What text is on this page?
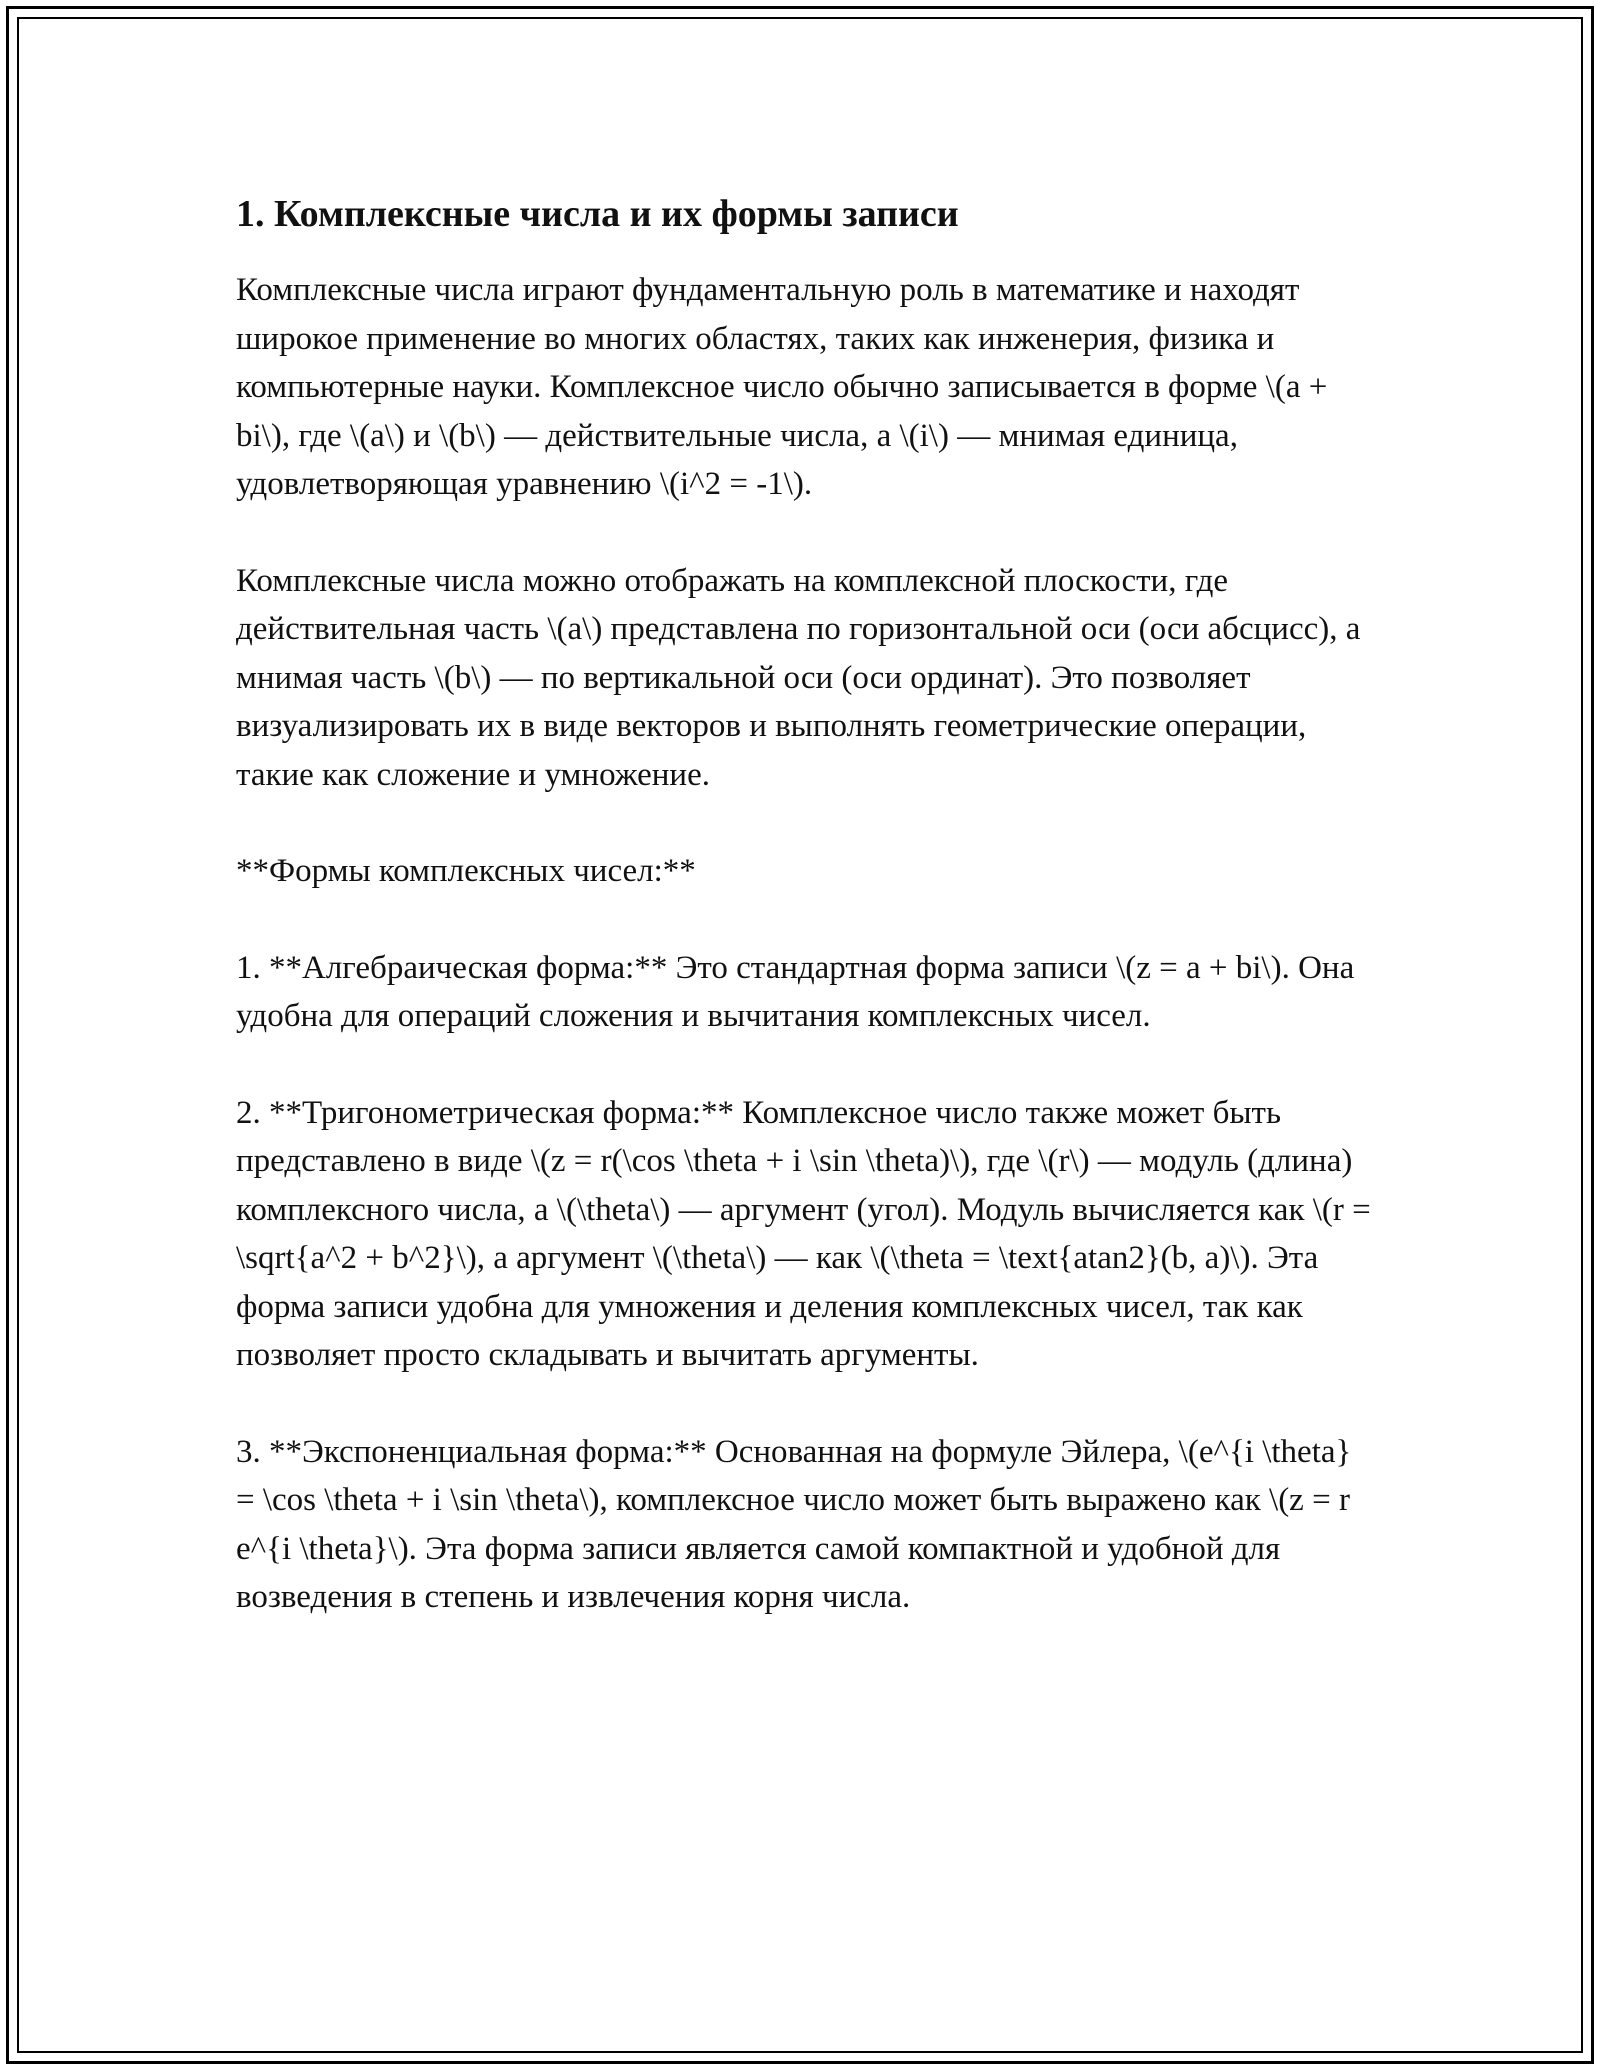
1. Комплексные числа и их формы записи

Комплексные числа играют фундаментальную роль в математике и находят широкое применение во многих областях, таких как инженерия, физика и компьютерные науки. Комплексное число обычно записывается в форме \(a + bi\), где \(a\) и \(b\) — действительные числа, а \(i\) — мнимая единица, удовлетворяющая уравнению \(i^2 = -1\).

Комплексные числа можно отображать на комплексной плоскости, где действительная часть \(a\) представлена по горизонтальной оси (оси абсцисс), а мнимая часть \(b\) — по вертикальной оси (оси ординат). Это позволяет визуализировать их в виде векторов и выполнять геометрические операции, такие как сложение и умножение.

**Формы комплексных чисел:**

1. **Алгебраическая форма:** Это стандартная форма записи \(z = a + bi\). Она удобна для операций сложения и вычитания комплексных чисел.

2. **Тригонометрическая форма:** Комплексное число также может быть представлено в виде \(z = r(\cos \theta + i \sin \theta)\), где \(r\) — модуль (длина) комплексного числа, а \(\theta\) — аргумент (угол). Модуль вычисляется как \(r = \sqrt{a^2 + b^2}\), а аргумент \(\theta\) — как \(\theta = \text{atan2}(b, a)\). Эта форма записи удобна для умножения и деления комплексных чисел, так как позволяет просто складывать и вычитать аргументы.

3. **Экспоненциальная форма:** Основанная на формуле Эйлера, \(e^{i \theta} = \cos \theta + i \sin \theta\), комплексное число может быть выражено как \(z = r e^{i \theta}\). Эта форма записи является самой компактной и удобной для возведения в степень и извлечения корня числа.
